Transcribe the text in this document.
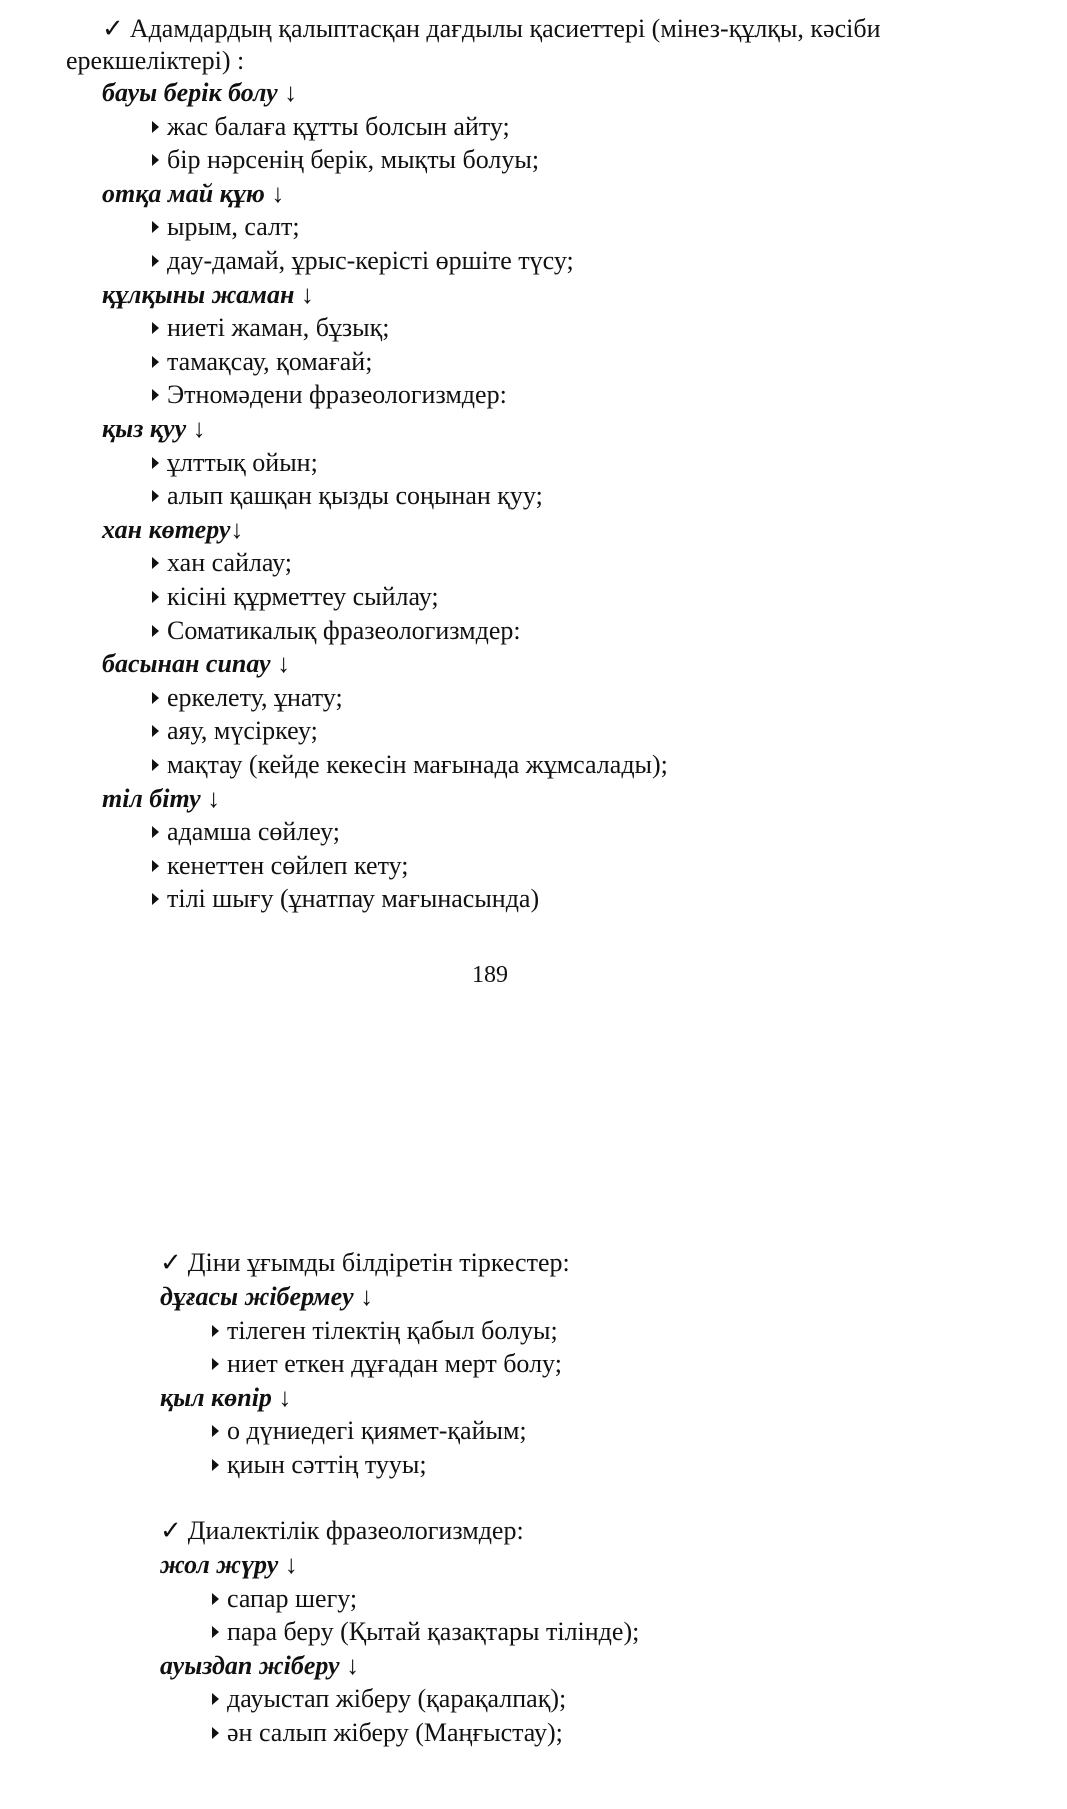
✓ Адамдардың қалыптасқан дағдылы қасиеттері (мінез-құлқы, кәсіби
ерекшеліктері) :
бауы берік болу ↓
жас балаға құтты болсын айту;
бір нәрсенің берік, мықты болуы;
отқа май құю ↓
ырым, салт;
дау-дамай, ұрыс-керісті өршіте түсу;
құлқыны жаман ↓
ниеті жаман, бұзық;
тамақсау, қомағай;
Этномәдени фразеологизмдер:
қыз қуу ↓
ұлттық ойын;
алып қашқан қызды соңынан қуу;
хан көтеру↓
хан сайлау;
кісіні құрметтеу сыйлау;
Соматикалық фразеологизмдер:
басынан сипау ↓
еркелету, ұнату;
аяу, мүсіркеу;
мақтау (кейде кекесін мағынада жұмсалады);
тіл біту ↓
адамша сөйлеу;
кенеттен сөйлеп кету;
тілі шығу (ұнатпау мағынасында)
189
✓ Діни ұғымды білдіретін тіркестер:
дұғасы жібермеу ↓
тілеген тілектің қабыл болуы;
ниет еткен дұғадан мерт болу;
қыл көпір ↓
о дүниедегі қиямет-қайым;
қиын сәттің тууы;
✓ Диалектілік фразеологизмдер:
жол жүру ↓
сапар шегу;
пара беру (Қытай қазақтары тілінде);
ауыздап жіберу ↓
дауыстап жіберу (қарақалпақ);
ән салып жіберу (Маңғыстау);
